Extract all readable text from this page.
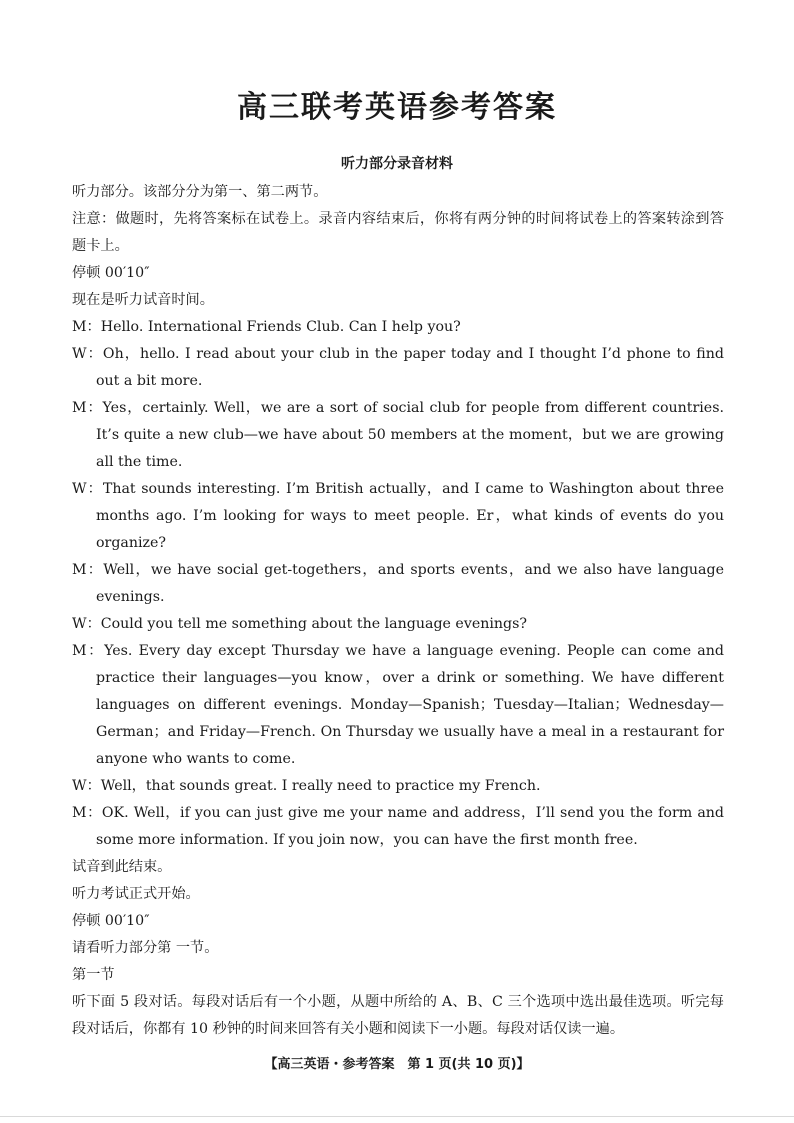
高三联考英语参考答案
听力部分录音材料

听力部分。该部分分为第一、第二两节。

注意：做题时，先将答案标在试卷上。录音内容结束后，你将有两分钟的时间将试卷上的答案转涂到答题卡上。

停顿 00′10″

现在是听力试音时间。

M：Hello. International Friends Club. Can I help you?

W：Oh，hello. I read about your club in the paper today and I thought I’d phone to find out a bit more.

M：Yes，certainly. Well，we are a sort of social club for people from different countries. It’s quite a new club—we have about 50 members at the moment，but we are growing all the time.

W：That sounds interesting. I’m British actually，and I came to Washington about three months ago. I’m looking for ways to meet people. Er，what kinds of events do you organize?

M：Well，we have social get-togethers，and sports events，and we also have language evenings.

W：Could you tell me something about the language evenings?

M：Yes. Every day except Thursday we have a language evening. People can come and practice their languages—you know，over a drink or something. We have different languages on different evenings. Monday—Spanish；Tuesday—Italian；Wednesday—German；and Friday—French. On Thursday we usually have a meal in a restaurant for anyone who wants to come.

W：Well，that sounds great. I really need to practice my French.

M：OK. Well，if you can just give me your name and address，I’ll send you the form and some more information. If you join now，you can have the first month free.

试音到此结束。

听力考试正式开始。

停顿 00′10″

请看听力部分第 一节。

第一节

听下面 5 段对话。每段对话后有一个小题，从题中所给的 A、B、C 三个选项中选出最佳选项。听完每段对话后，你都有 10 秒钟的时间来回答有关小题和阅读下一小题。每段对话仅读一遍。

【高三英语・参考答案　第 1 页(共 10 页)】
